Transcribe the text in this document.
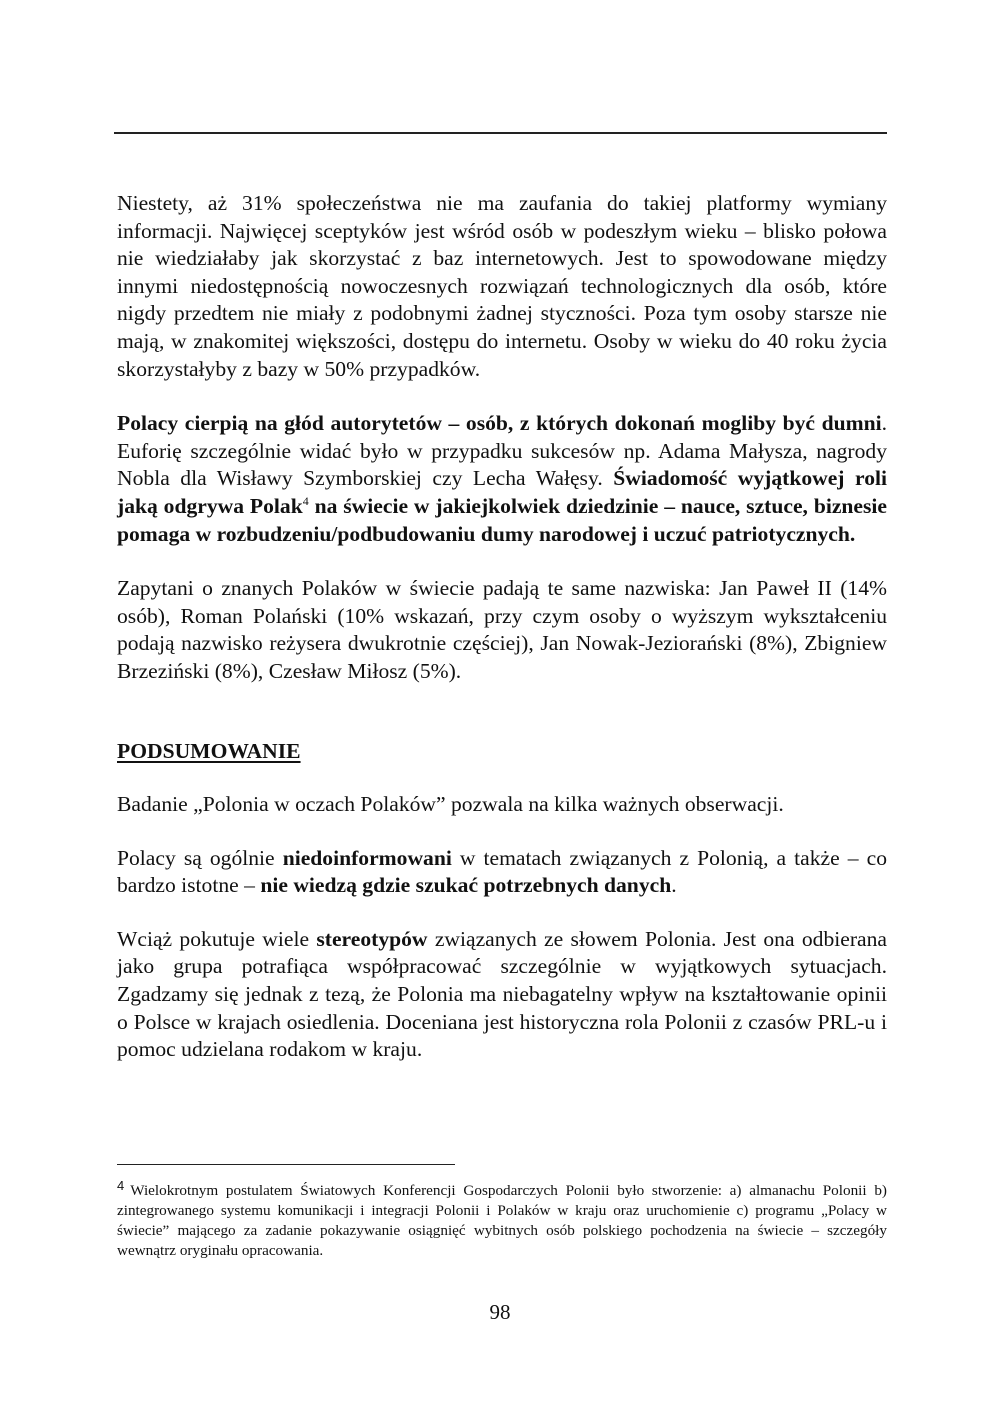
Niestety, aż 31% społeczeństwa nie ma zaufania do takiej platformy wymiany informacji. Najwięcej sceptyków jest wśród osób w podeszłym wieku – blisko połowa nie wiedziałaby jak skorzystać z baz internetowych. Jest to spowodowane między innymi niedostępnością nowoczesnych rozwiązań technologicznych dla osób, które nigdy przedtem nie miały z podobnymi żadnej styczności. Poza tym osoby starsze nie mają, w znakomitej większości, dostępu do internetu. Osoby w wieku do 40 roku życia skorzystałyby z bazy w 50% przypadków.

Polacy cierpią na głód autorytetów – osób, z których dokonań mogliby być dumni. Euforię szczególnie widać było w przypadku sukcesów np. Adama Małysza, nagrody Nobla dla Wisławy Szymborskiej czy Lecha Wałęsy. Świadomość wyjątkowej roli jaką odgrywa Polak$^4$ na świecie w jakiejkolwiek dziedzinie – nauce, sztuce, biznesie pomaga w rozbudzeniu/podbudowaniu dumy narodowej i uczuć patriotycznych.

Zapytani o znanych Polaków w świecie padają te same nazwiska: Jan Paweł II (14% osób), Roman Polański (10% wskazań, przy czym osoby o wyższym wykształceniu podają nazwisko reżysera dwukrotnie częściej), Jan Nowak-Jeziorański (8%), Zbigniew Brzeziński (8%), Czesław Miłosz (5%).

PODSUMOWANIE

Badanie „Polonia w oczach Polaków” pozwala na kilka ważnych obserwacji.

Polacy są ogólnie niedoinformowani w tematach związanych z Polonią, a także – co bardzo istotne – nie wiedzą gdzie szukać potrzebnych danych.

Wciąż pokutuje wiele stereotypów związanych ze słowem Polonia. Jest ona odbierana jako grupa potrafiąca współpracować szczególnie w wyjątkowych sytuacjach. Zgadzamy się jednak z tezą, że Polonia ma niebagatelny wpływ na kształtowanie opinii o Polsce w krajach osiedlenia. Doceniana jest historyczna rola Polonii z czasów PRL-u i pomoc udzielana rodakom w kraju.

4 Wielokrotnym postulatem Światowych Konferencji Gospodarczych Polonii było stworzenie: a) almanachu Polonii b) zintegrowanego systemu komunikacji i integracji Polonii i Polaków w kraju oraz uruchomienie c) programu „Polacy w świecie” mającego za zadanie pokazywanie osiągnięć wybitnych osób polskiego pochodzenia na świecie – szczegóły wewnątrz oryginału opracowania.
98
